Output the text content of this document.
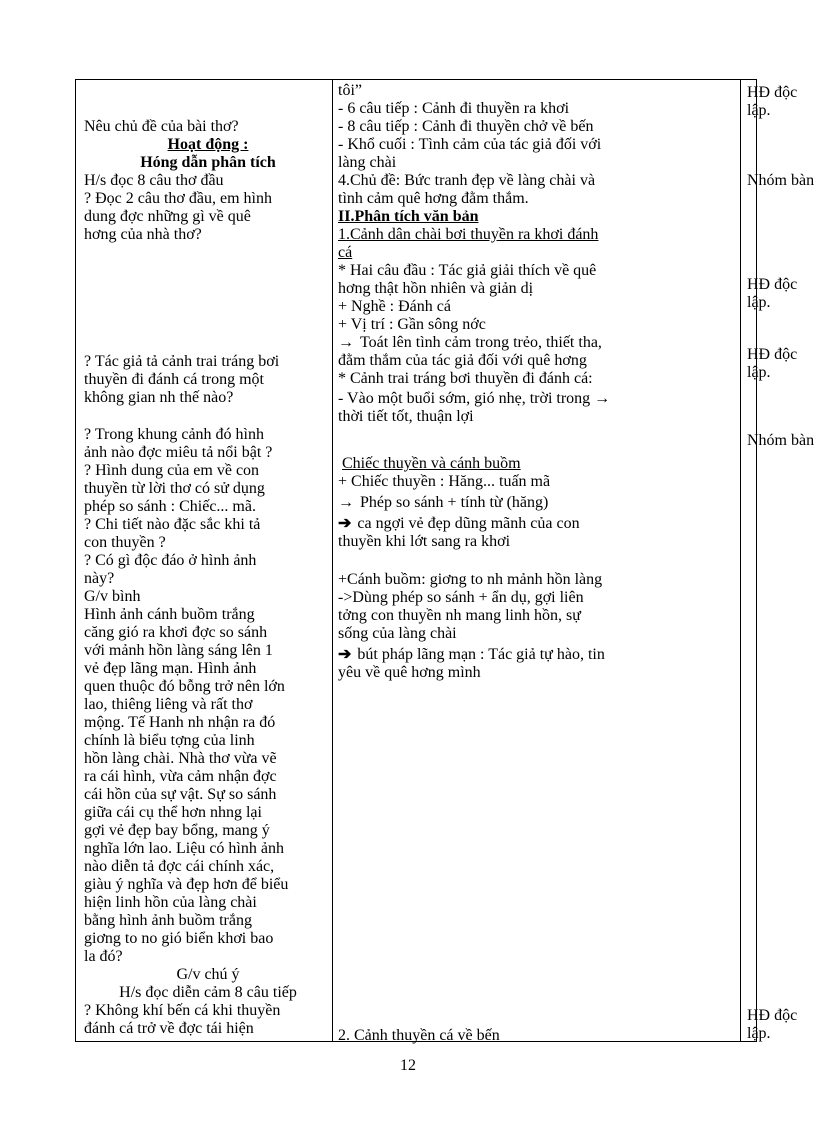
Nêu chủ đề của bài thơ?
Hoạt động :
Hóng dẫn phân tích
H/s đọc 8 câu thơ đầu
? Đọc 2 câu thơ đầu, em hình
dung đợc những gì về quê
hơng của nhà thơ?
? Tác giả tả cảnh trai tráng bơi
thuyền đi đánh cá trong một
không gian nh thế nào?
? Trong khung cảnh đó hình
ảnh nào đợc miêu tả nổi bật ?
? Hình dung của em về con
thuyền từ lời thơ có sử dụng
phép so sánh : Chiếc... mã.
? Chi tiết nào đặc sắc khi tả
con thuyền ?
? Có gì độc đáo ở hình ảnh
này?
G/v bình
Hình ảnh cánh buồm trắng
căng gió ra khơi đợc so sánh
với mảnh hồn làng sáng lên 1
vẻ đẹp lãng mạn. Hình ảnh
quen thuộc đó bỗng trở nên lớn
lao, thiêng liêng và rất thơ
mộng. Tế Hanh nh nhận ra đó
chính là biểu tợng của linh
hồn làng chài. Nhà thơ vừa vẽ
ra cái hình, vừa cảm nhận đợc
cái hồn của sự vật. Sự so sánh
giữa cái cụ thể hơn nhng lại
gợi vẻ đẹp bay bổng, mang ý
nghĩa lớn lao. Liệu có hình ảnh
nào diễn tả đợc cái chính xác,
giàu ý nghĩa và đẹp hơn để biểu
hiện linh hồn của làng chài
bằng hình ảnh buồm trắng
giơng to no gió biển khơi bao
la đó?
G/v chú ý
H/s đọc diễn cảm 8 câu tiếp
? Không khí bến cá khi thuyền
đánh cá trở về đợc tái hiện
tôi”
- 6 câu tiếp : Cảnh đi thuyền ra khơi
- 8 câu tiếp : Cảnh đi thuyền chở về bến
- Khổ cuối : Tình cảm của tác giả đối với
làng chài
4.Chủ đề: Bức tranh đẹp về làng chài và
tình cảm quê hơng đằm thắm.
II.Phân tích văn bản
1.Cảnh dân chài bơi thuyền ra khơi đánh
cá
* Hai câu đầu : Tác giả giải thích về quê
hơng thật hồn nhiên và giản dị
+ Nghề : Đánh cá
+ Vị trí : Gần sông nớc
→ Toát lên tình cảm trong trẻo, thiết tha,
đằm thắm của tác giả đối với quê hơng
* Cảnh trai tráng bơi thuyền đi đánh cá:
- Vào một buổi sớm, gió nhẹ, trời trong →
thời tiết tốt, thuận lợi
Chiếc thuyền và cánh buồm
+ Chiếc thuyền : Hăng... tuấn mã
→ Phép so sánh + tính từ (hăng)
➔ ca ngợi vẻ đẹp dũng mãnh của con
thuyền khi lớt sang ra khơi
+Cánh buồm: giơng to nh mảnh hồn làng
->Dùng phép so sánh + ẩn dụ, gợi liên
tởng con thuyền nh mang linh hồn, sự
sống của làng chài
➔ bút pháp lãng mạn : Tác giả tự hào, tin
yêu về quê hơng mình
2. Cảnh thuyền cá về bến
HĐ độc
lập.
Nhóm bàn
HĐ độc
lập.
HĐ độc
lập.
Nhóm bàn
HĐ độc
lập.
12
